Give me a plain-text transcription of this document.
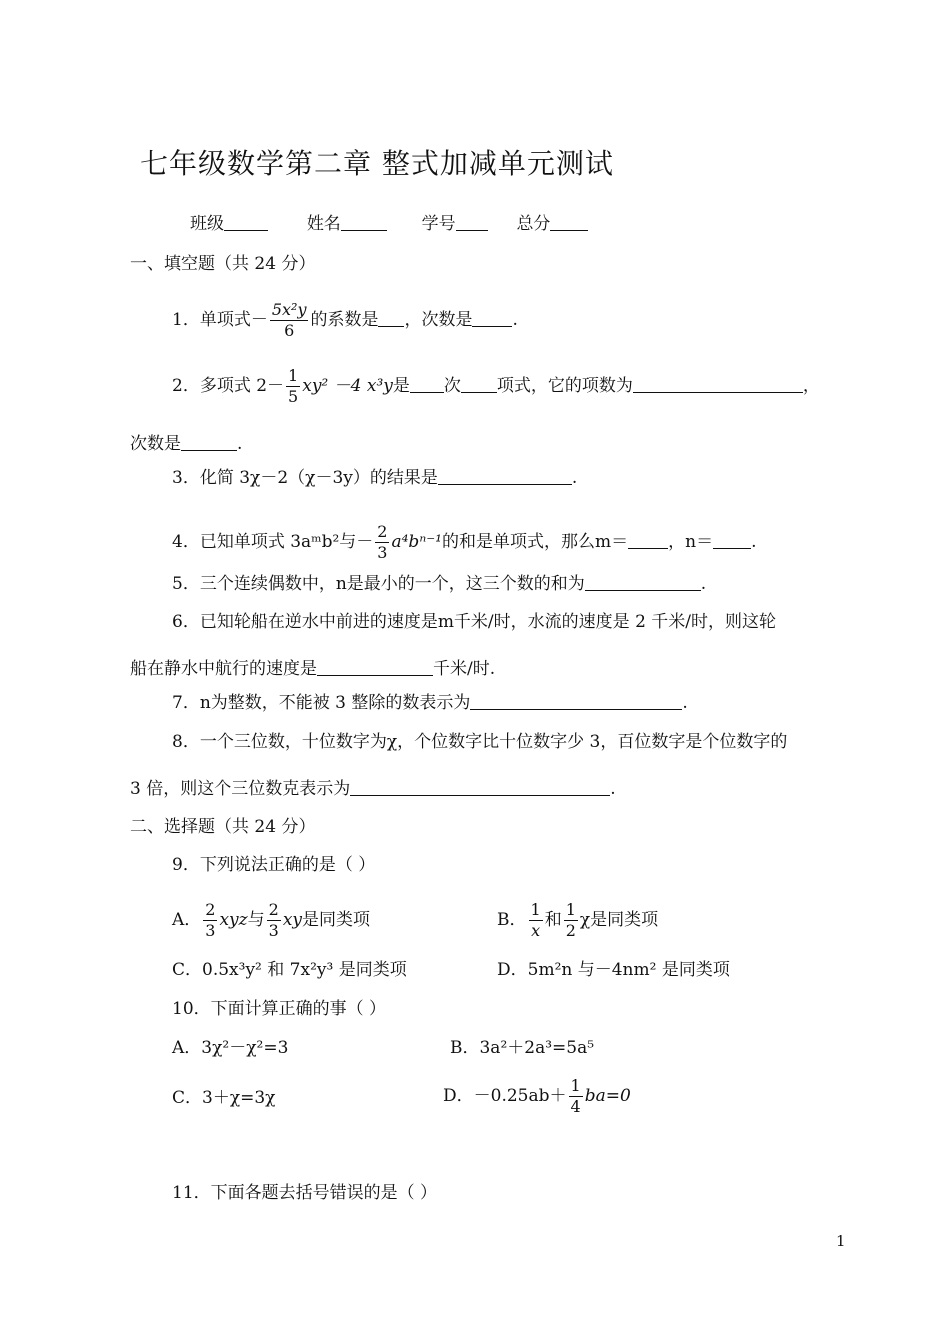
七年级数学第二章 整式加减单元测试
班级	姓名	学号	总分
一、填空题（共 24 分）
1．单项式－ $\frac{\text{5x²y}}{6}$ 的系数是 ，次数是 .
2．多项式 $2- \frac{1}{5} xy^2 -4$ x³y是 次 项式，它的项数为	，
次数是	.
3．化简 3χ－2（χ－3y）的结果是	.
4．已知单项式 3aᵐb²与－ $\frac{2}{3} a^4b^{n-1}$的和是单项式，那么m＝ ，n＝ .
5．三个连续偶数中，n是最小的一个，这三个数的和为	.
6．已知轮船在逆水中前进的速度是m千米/时，水流的速度是 2 千米/时，则这轮
船在静水中航行的速度是	千米/时.
7．n为整数，不能被 3 整除的数表示为	.
8．一个三位数，十位数字为χ，个位数字比十位数字少 3，百位数字是个位数字的
3 倍，则这个三位数克表示为	.
二、选择题（共 24 分）
9．下列说法正确的是（ ）
A． $\frac{2}{3}$ xyz与 $\frac{2}{3}$ xy是同类项	B． $\frac{1}{x}$ 和 $\frac{1}{2}$ χ是同类项
C．0.5x³y² 和 7x²y³ 是同类项	D．5m²n 与－4nm² 是同类项
10．下面计算正确的事（ ）
A．3χ²－χ²=3	B．3a²＋2a³=5a⁵
C．3＋χ=3χ	D．$-0.25ab+ \frac{1}{4} ba=0$
11．下面各题去括号错误的是（ ）
1
